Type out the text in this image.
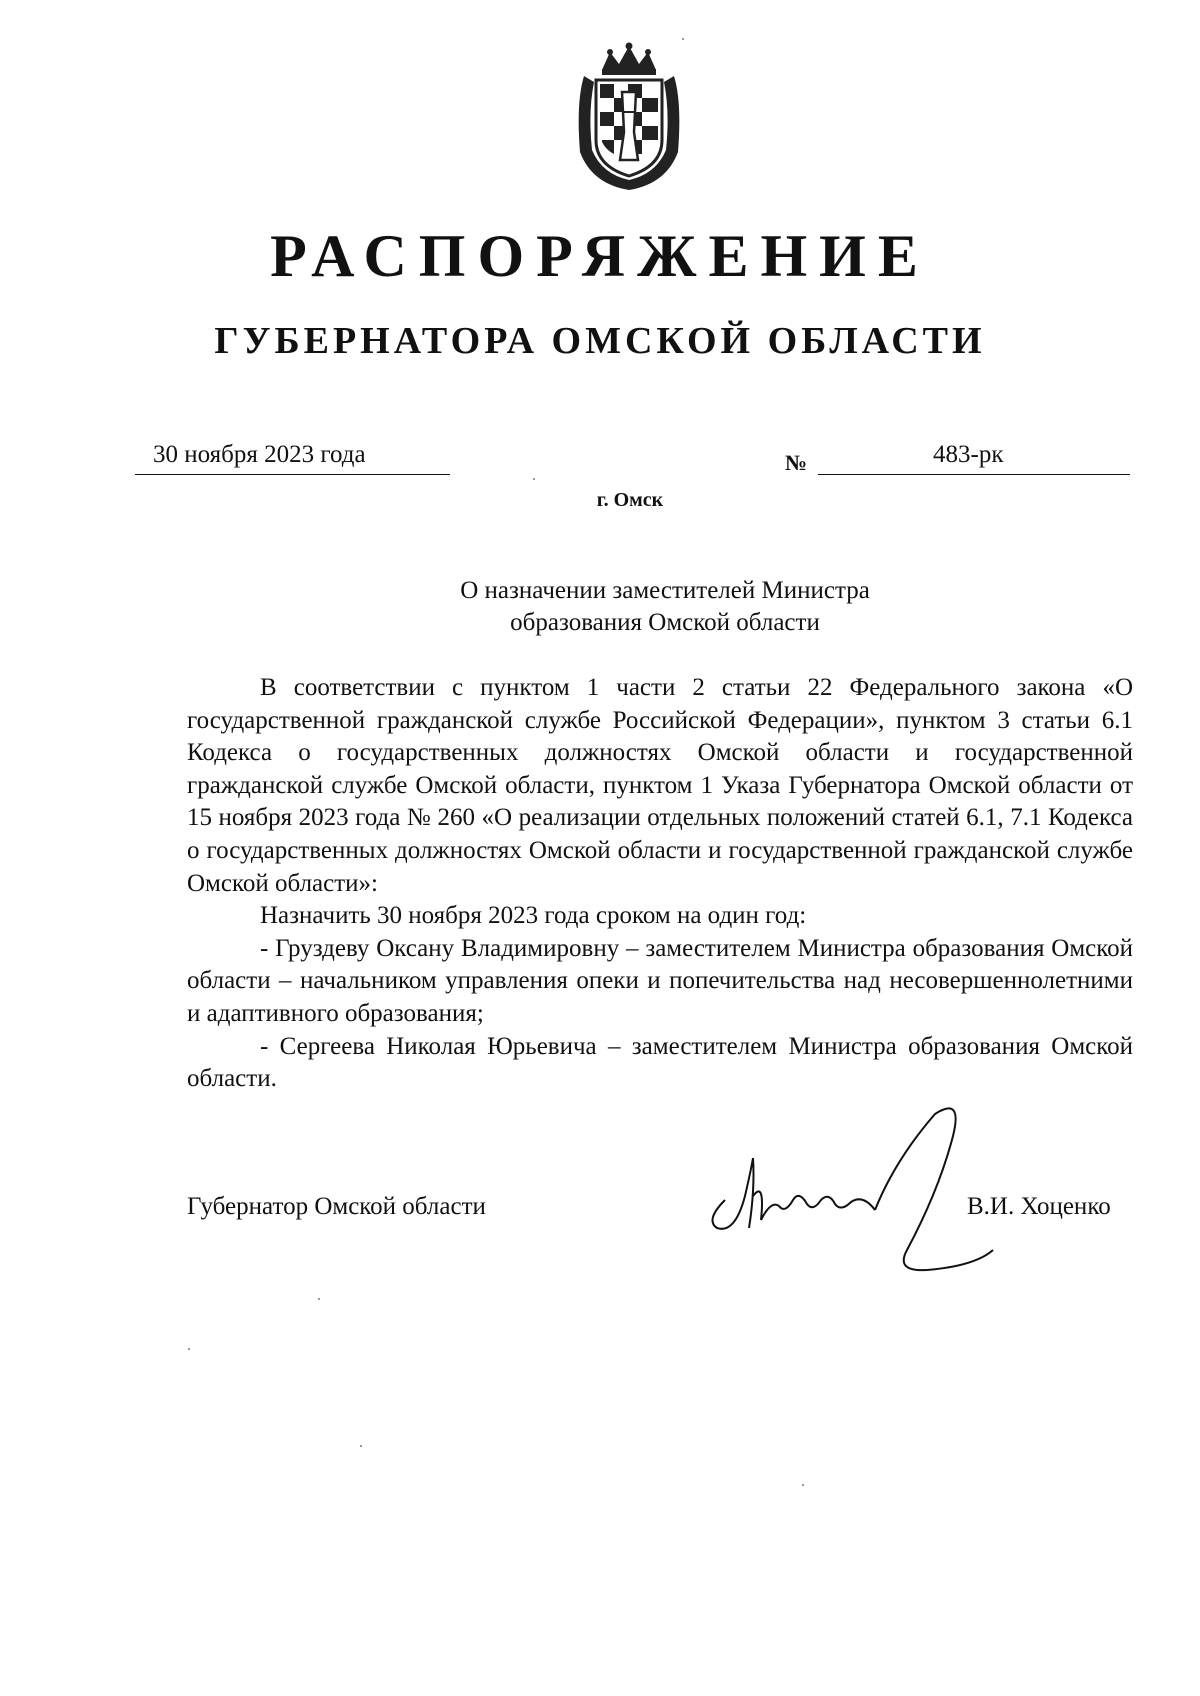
РАСПОРЯЖЕНИЕ
ГУБЕРНАТОРА ОМСКОЙ ОБЛАСТИ
30 ноября 2023 года	№	483-рк
г. Омск
О назначении заместителей Министра
образования Омской области

В соответствии с пунктом 1 части 2 статьи 22 Федерального закона «О государственной гражданской службе Российской Федерации», пунктом 3 статьи 6.1 Кодекса о государственных должностях Омской области и государственной гражданской службе Омской области, пунктом 1 Указа Губернатора Омской области от 15 ноября 2023 года № 260 «О реализации отдельных положений статей 6.1, 7.1 Кодекса о государственных должностях Омской области и государственной гражданской службе Омской области»:

Назначить 30 ноября 2023 года сроком на один год:

- Груздеву Оксану Владимировну – заместителем Министра образования Омской области – начальником управления опеки и попечительства над несовершеннолетними и адаптивного образования;

- Сергеева Николая Юрьевича – заместителем Министра образования Омской области.

Губернатор Омской области	В.И. Хоценко
